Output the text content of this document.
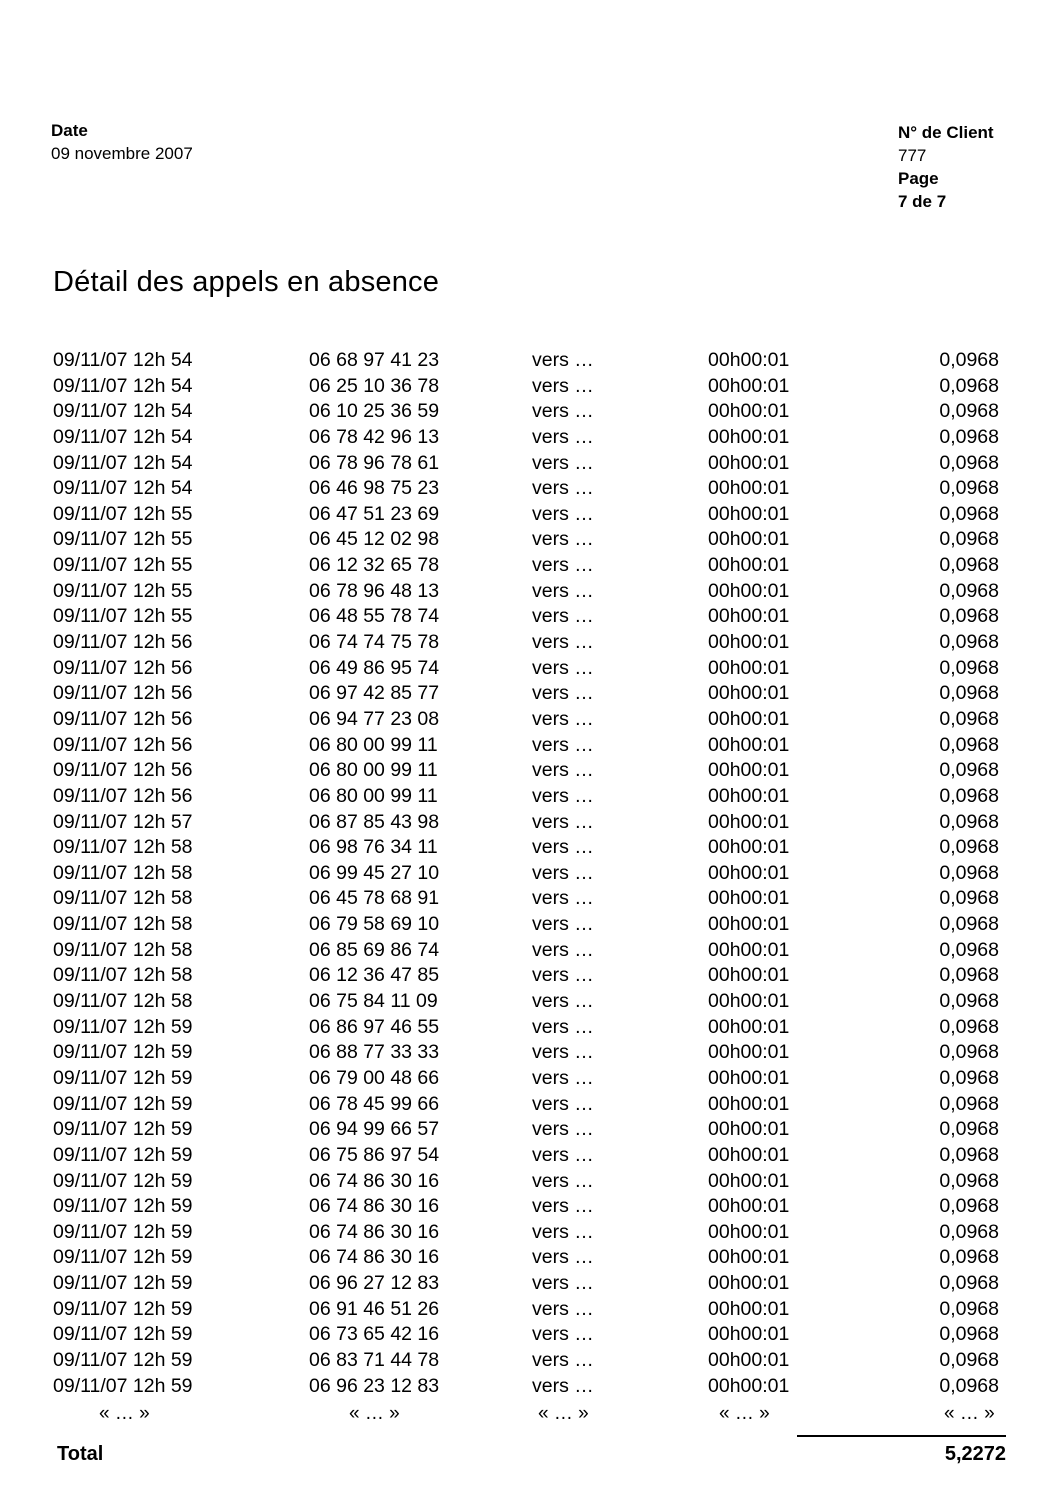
Date
09 novembre 2007
N° de Client
777
Page
7 de 7
Détail des appels en absence
09/11/07 12h 54	06 68 97 41 23	vers …	00h00:01	0,0968
09/11/07 12h 54	06 25 10 36 78	vers …	00h00:01	0,0968
09/11/07 12h 54	06 10 25 36 59	vers …	00h00:01	0,0968
09/11/07 12h 54	06 78 42 96 13	vers …	00h00:01	0,0968
09/11/07 12h 54	06 78 96 78 61	vers …	00h00:01	0,0968
09/11/07 12h 54	06 46 98 75 23	vers …	00h00:01	0,0968
09/11/07 12h 55	06 47 51 23 69	vers …	00h00:01	0,0968
09/11/07 12h 55	06 45 12 02 98	vers …	00h00:01	0,0968
09/11/07 12h 55	06 12 32 65 78	vers …	00h00:01	0,0968
09/11/07 12h 55	06 78 96 48 13	vers …	00h00:01	0,0968
09/11/07 12h 55	06 48 55 78 74	vers …	00h00:01	0,0968
09/11/07 12h 56	06 74 74 75 78	vers …	00h00:01	0,0968
09/11/07 12h 56	06 49 86 95 74	vers …	00h00:01	0,0968
09/11/07 12h 56	06 97 42 85 77	vers …	00h00:01	0,0968
09/11/07 12h 56	06 94 77 23 08	vers …	00h00:01	0,0968
09/11/07 12h 56	06 80 00 99 11	vers …	00h00:01	0,0968
09/11/07 12h 56	06 80 00 99 11	vers …	00h00:01	0,0968
09/11/07 12h 56	06 80 00 99 11	vers …	00h00:01	0,0968
09/11/07 12h 57	06 87 85 43 98	vers …	00h00:01	0,0968
09/11/07 12h 58	06 98 76 34 11	vers …	00h00:01	0,0968
09/11/07 12h 58	06 99 45 27 10	vers …	00h00:01	0,0968
09/11/07 12h 58	06 45 78 68 91	vers …	00h00:01	0,0968
09/11/07 12h 58	06 79 58 69 10	vers …	00h00:01	0,0968
09/11/07 12h 58	06 85 69 86 74	vers …	00h00:01	0,0968
09/11/07 12h 58	06 12 36 47 85	vers …	00h00:01	0,0968
09/11/07 12h 58	06 75 84 11 09	vers …	00h00:01	0,0968
09/11/07 12h 59	06 86 97 46 55	vers …	00h00:01	0,0968
09/11/07 12h 59	06 88 77 33 33	vers …	00h00:01	0,0968
09/11/07 12h 59	06 79 00 48 66	vers …	00h00:01	0,0968
09/11/07 12h 59	06 78 45 99 66	vers …	00h00:01	0,0968
09/11/07 12h 59	06 94 99 66 57	vers …	00h00:01	0,0968
09/11/07 12h 59	06 75 86 97 54	vers …	00h00:01	0,0968
09/11/07 12h 59	06 74 86 30 16	vers …	00h00:01	0,0968
09/11/07 12h 59	06 74 86 30 16	vers …	00h00:01	0,0968
09/11/07 12h 59	06 74 86 30 16	vers …	00h00:01	0,0968
09/11/07 12h 59	06 74 86 30 16	vers …	00h00:01	0,0968
09/11/07 12h 59	06 96 27 12 83	vers …	00h00:01	0,0968
09/11/07 12h 59	06 91 46 51 26	vers …	00h00:01	0,0968
09/11/07 12h 59	06 73 65 42 16	vers …	00h00:01	0,0968
09/11/07 12h 59	06 83 71 44 78	vers …	00h00:01	0,0968
09/11/07 12h 59	06 96 23 12 83	vers …	00h00:01	0,0968
« … »	« … »	« … »	« … »	« … »
Total	5,2272
